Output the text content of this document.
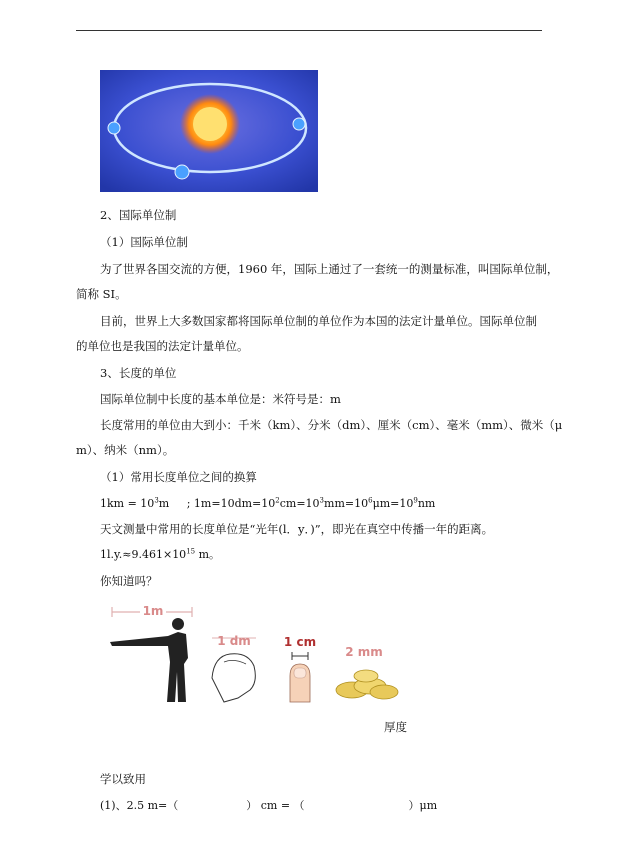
2、国际单位制
（1）国际单位制
为了世界各国交流的方便，1960 年，国际上通过了一套统一的测量标准，叫国际单位制，
简称 SI。
目前，世界上大多数国家都将国际单位制的单位作为本国的法定计量单位。国际单位制
的单位也是我国的法定计量单位。
3、长度的单位
国际单位制中长度的基本单位是：米符号是：m
长度常用的单位由大到小：千米（km）、分米（dm）、厘米（cm）、毫米（mm）、微米（μ
m）、纳米（nm）。
（1）常用长度单位之间的换算
$1km = 10^3m$ ; $1m=10dm=10^2cm=10^3mm=10^6\mu m=10^9nm$
天文测量中常用的长度单位是“光年(l．y．)”，即光在真空中传播一年的距离。
$1l.y.\approx 9.461\times 10^{15}$ m。
你知道吗？
1m
1 dm	1 cm
2 mm
厚度
学以致用
(1)、2.5 m=（	） cm = （	）μm
